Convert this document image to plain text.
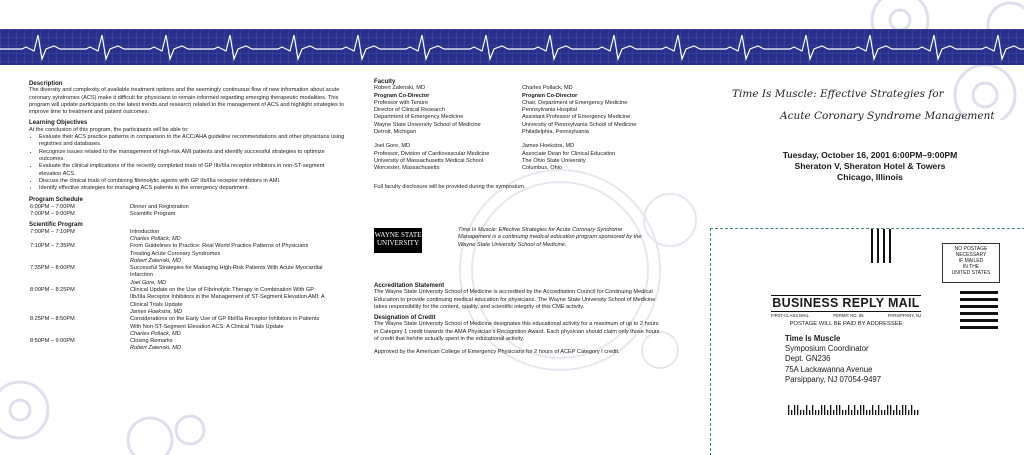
Description
The diversity and complexity of available treatment options and the seemingly continuous flow of new information about acute coronary syndromes (ACS) make it difficult for physicians to remain informed regarding emerging therapeutic modalities. This program will update participants on the latest trends and research related to the management of ACS and highlight strategies to improve time to treatment and patient outcomes.
Learning Objectives
At the conclusion of this program, the participants will be able to:
• Evaluate their ACS practice patterns in comparison to the ACC/AHA guideline recommendations and other physicians using registries and databases.
• Recognize issues related to the management of high-risk AMI patients and identify successful strategies to optimize outcomes.
• Evaluate the clinical implications of the recently completed trials of GP IIb/IIIa receptor inhibitors in non-ST-segment elevation ACS.
• Discuss the clinical trials of combining fibrinolytic agents with GP IIb/IIIa receptor inhibitors in AMI.
• Identify effective strategies for managing ACS patients in the emergency department.
Program Schedule
6:00PM – 7:00PM	Dinner and Registration
7:00PM – 9:00PM	Scientific Program
Scientific Program
7:00PM – 7:10PM	Introduction
Charles Pollack, MD
7:10PM – 7:35PM	From Guidelines to Practice: Real World Practice Patterns of Physicians Treating Acute Coronary Syndromes
Robert Zalenski, MD
7:35PM – 8:00PM	Successful Strategies for Managing High-Risk Patients With Acute Myocardial Infarction
Joel Gore, MD
8:00PM – 8:25PM	Clinical Update on the Use of Fibrinolytic Therapy in Combination With GP IIb/IIIa Receptor Inhibitors in the Management of ST-Segment Elevation AMI: A Clinical Trials Update
James Hoekstra, MD
8:25PM – 8:50PM	Considerations on the Early Use of GP IIb/IIIa Receptor Inhibitors in Patients With Non-ST-Segment Elevation ACS: A Clinical Trials Update
Charles Pollack, MD
8:50PM – 9:00PM	Closing Remarks
Robert Zalenski, MD
Faculty
Robert Zalenski, MD
Program Co-Director
Professor with Tenure
Director of Clinical Research
Department of Emergency Medicine
Wayne State University School of Medicine
Detroit, Michigan
Charles Pollack, MD
Program Co-Director
Chair, Department of Emergency Medicine
Pennsylvania Hospital
Assistant Professor of Emergency Medicine
University of Pennsylvania School of Medicine
Philadelphia, Pennsylvania
Joel Gore, MD
Professor, Division of Cardiovascular Medicine
University of Massachusetts Medical School
Worcester, Massachusetts
James Hoekstra, MD
Associate Dean for Clinical Education
The Ohio State University
Columbus, Ohio
Full faculty disclosure will be provided during the symposium.
WAYNE STATE
UNIVERSITY
Time Is Muscle: Effective Strategies for Acute Coronary Syndrome Management is a continuing medical education program sponsored by the Wayne State University School of Medicine.
Accreditation Statement
The Wayne State University School of Medicine is accredited by the Accreditation Council for Continuing Medical Education to provide continuing medical education for physicians. The Wayne State University School of Medicine takes responsibility for the content, quality, and scientific integrity of this CME activity.
Designation of Credit
The Wayne State University School of Medicine designates this educational activity for a maximum of up to 2 hours in Category 1 credit towards the AMA Physician's Recognition Award. Each physician should claim only those hours of credit that he/she actually spent in the educational activity.
Approved by the American College of Emergency Physicians for 2 hours of ACEP Category I credit.
Time Is Muscle: Effective Strategies for
Acute Coronary Syndrome Management
Tuesday, October 16, 2001 6:00PM–9:00PM
Sheraton V, Sheraton Hotel & Towers
Chicago, Illinois
NO POSTAGE
NECESSARY
IF MAILED
IN THE
UNITED STATES
BUSINESS REPLY MAIL
FIRST-CLASS MAIL	PERMIT NO. 85	PARSIPPANY, NJ
POSTAGE WILL BE PAID BY ADDRESSEE
Time Is Muscle
Symposium Coordinator
Dept. GN236
75A Lackawanna Avenue
Parsippany, NJ 07054-9497
